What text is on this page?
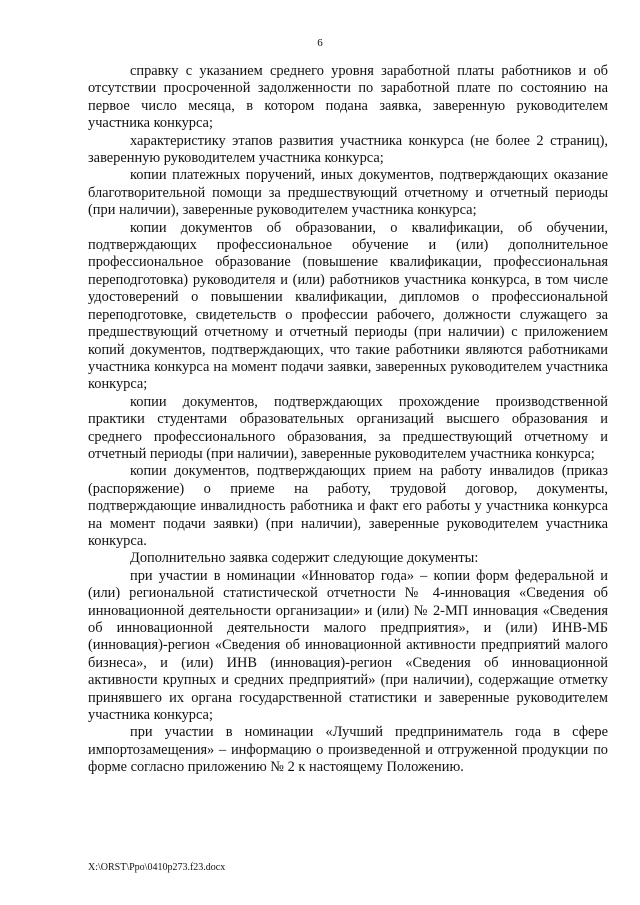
6

справку с указанием среднего уровня заработной платы работников и об отсутствии просроченной задолженности по заработной плате по состоянию на первое число месяца, в котором подана заявка, заверенную руководителем участника конкурса;

характеристику этапов развития участника конкурса (не более 2 страниц), заверенную руководителем участника конкурса;

копии платежных поручений, иных документов, подтверждающих оказание благотворительной помощи за предшествующий отчетному и отчетный периоды (при наличии), заверенные руководителем участника конкурса;

копии документов об образовании, о квалификации, об обучении, подтверждающих профессиональное обучение и (или) дополнительное профессиональное образование (повышение квалификации, профессиональная переподготовка) руководителя и (или) работников участника конкурса, в том числе удостоверений о повышении квалификации, дипломов о профессиональной переподготовке, свидетельств о профессии рабочего, должности служащего за предшествующий отчетному и отчетный периоды (при наличии) с приложением копий документов, подтверждающих, что такие работники являются работниками участника конкурса на момент подачи заявки, заверенных руководителем участника конкурса;

копии документов, подтверждающих прохождение производственной практики студентами образовательных организаций высшего образования и среднего профессионального образования, за предшествующий отчетному и отчетный периоды (при наличии), заверенные руководителем участника конкурса;

копии документов, подтверждающих прием на работу инвалидов (приказ (распоряжение) о приеме на работу, трудовой договор, документы, подтверждающие инвалидность работника и факт его работы у участника конкурса на момент подачи заявки) (при наличии), заверенные руководителем участника конкурса.

Дополнительно заявка содержит следующие документы:

при участии в номинации «Инноватор года» – копии форм федеральной и (или) региональной статистической отчетности № 4-инновация «Сведения об инновационной деятельности организации» и (или) № 2-МП инновация «Сведения об инновационной деятельности малого предприятия», и (или) ИНВ-МБ (инновация)-регион «Сведения об инновационной активности предприятий малого бизнеса», и (или) ИНВ (инновация)-регион «Сведения об инновационной активности крупных и средних предприятий» (при наличии), содержащие отметку принявшего их органа государственной статистики и заверенные руководителем участника конкурса;

при участии в номинации «Лучший предприниматель года в сфере импортозамещения» – информацию о произведенной и отгруженной продукции по форме согласно приложению № 2 к настоящему Положению.

X:\ORST\Ppo\0410p273.f23.docx
